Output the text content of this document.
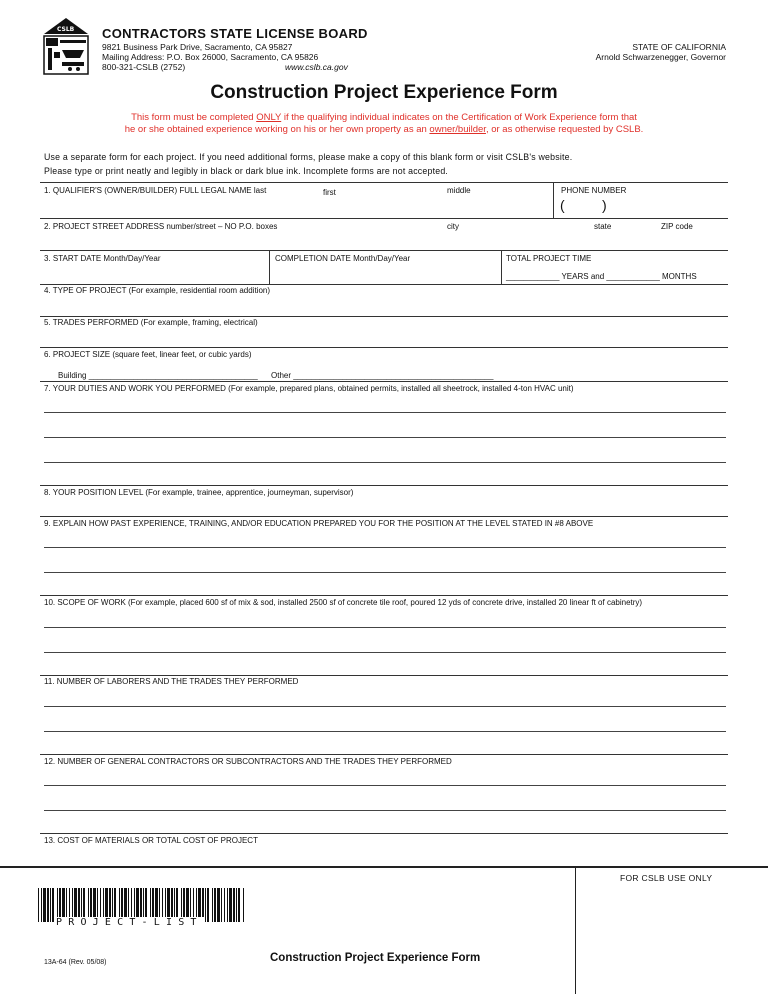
CSLB CONTRACTORS STATE LICENSE BOARD
9821 Business Park Drive, Sacramento, CA 95827
Mailing Address: P.O. Box 26000, Sacramento, CA 95826
800-321-CSLB (2752)	www.cslb.ca.gov
STATE OF CALIFORNIA
Arnold Schwarzenegger, Governor
Construction Project Experience Form
This form must be completed ONLY if the qualifying individual indicates on the Certification of Work Experience form that
he or she obtained experience working on his or her own property as an owner/builder, or as otherwise requested by CSLB.
Use a separate form for each project. If you need additional forms, please make a copy of this blank form or visit CSLB's website.
Please type or print neatly and legibly in black or dark blue ink. Incomplete forms are not accepted.
1. QUALIFIER'S (OWNER/BUILDER) FULL LEGAL NAME last	first	middle	PHONE NUMBER
(	)
2. PROJECT STREET ADDRESS number/street – NO P.O. boxes	city	state	ZIP code
3. START DATE Month/Day/Year	COMPLETION DATE Month/Day/Year	TOTAL PROJECT TIME
____________ YEARS and ____________ MONTHS
4. TYPE OF PROJECT (For example, residential room addition)
5. TRADES PERFORMED (For example, framing, electrical)
6. PROJECT SIZE (square feet, linear feet, or cubic yards)
Building ______________________________________ Other _____________________________________________
7. YOUR DUTIES AND WORK YOU PERFORMED (For example, prepared plans, obtained permits, installed all sheetrock, installed 4-ton HVAC unit)
8. YOUR POSITION LEVEL (For example, trainee, apprentice, journeyman, supervisor)
9. EXPLAIN HOW PAST EXPERIENCE, TRAINING, AND/OR EDUCATION PREPARED YOU FOR THE POSITION AT THE LEVEL STATED IN #8 ABOVE
10. SCOPE OF WORK (For example, placed 600 sf of mix & sod, installed 2500 sf of concrete tile roof, poured 12 yds of concrete drive, installed 20 linear ft of cabinetry)
11. NUMBER OF LABORERS AND THE TRADES THEY PERFORMED
12. NUMBER OF GENERAL CONTRACTORS OR SUBCONTRACTORS AND THE TRADES THEY PERFORMED
13. COST OF MATERIALS OR TOTAL COST OF PROJECT
FOR CSLB USE ONLY
PROJECT-LIST
13A-64 (Rev. 05/08)	Construction Project Experience Form
